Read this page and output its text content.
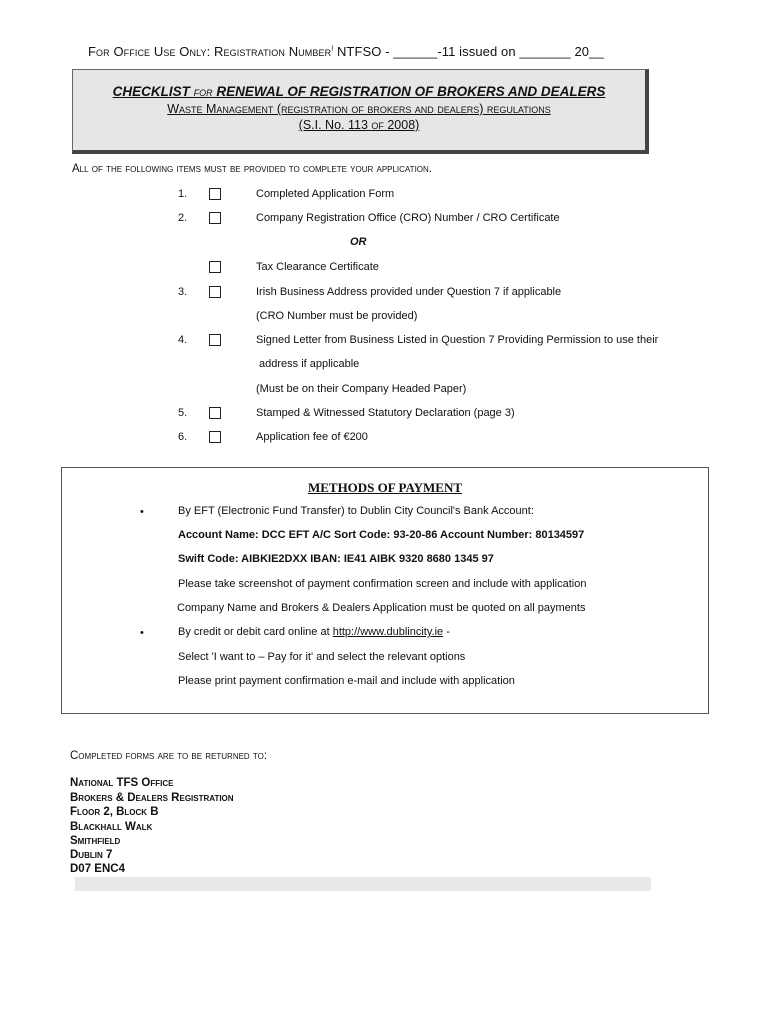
For Office Use Only: Registration Number$^I$ NTFSO - ______-11 issued on _______ 20__
CHECKLIST for RENEWAL OF REGISTRATION OF BROKERS AND DEALERS
Waste Management (registration of brokers and dealers) regulations
(S.I. No. 113 of 2008)
All of the following items must be provided to complete your application.
1.	Completed Application Form
2.	Company Registration Office (CRO) Number / CRO Certificate
OR
Tax Clearance Certificate
3.	Irish Business Address provided under Question 7 if applicable
(CRO Number must be provided)
4.	Signed Letter from Business Listed in Question 7 Providing Permission to use their
address if applicable
(Must be on their Company Headed Paper)
5.	Stamped & Witnessed Statutory Declaration (page 3)
6.	Application fee of €200
METHODS OF PAYMENT
•	By EFT (Electronic Fund Transfer) to Dublin City Council's Bank Account:
Account Name: DCC EFT A/C Sort Code: 93-20-86 Account Number: 80134597
Swift Code: AIBKIE2DXX IBAN: IE41 AIBK 9320 8680 1345 97
Please take screenshot of payment confirmation screen and include with application
Company Name and Brokers & Dealers Application must be quoted on all payments
•	By credit or debit card online at http://www.dublincity.ie -
Select 'I want to – Pay for it' and select the relevant options
Please print payment confirmation e-mail and include with application
Completed forms are to be returned to:
National TFS Office
Brokers & Dealers Registration
Floor 2, Block B
Blackhall Walk
Smithfield
Dublin 7
D07 ENC4
